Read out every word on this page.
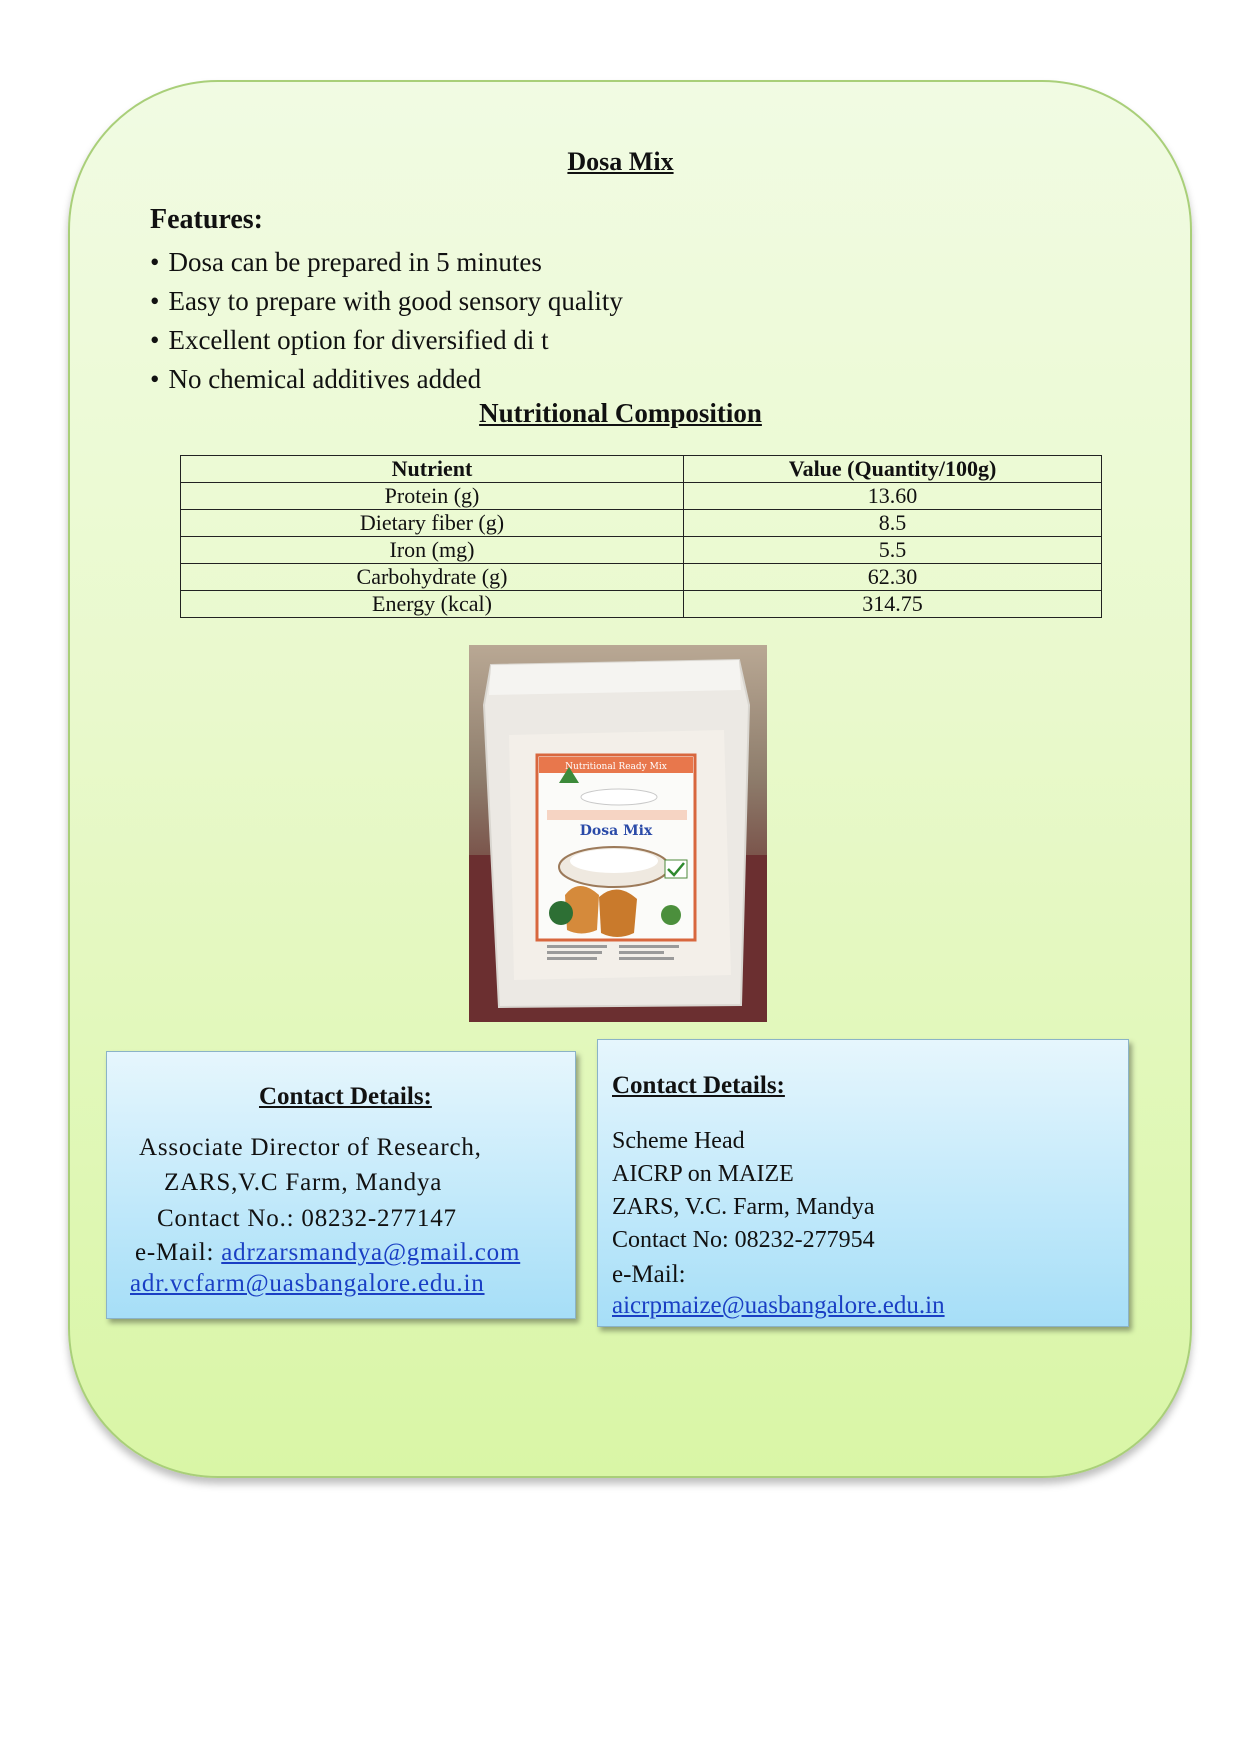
Dosa Mix
Features:
• Dosa can be prepared in 5 minutes
• Easy to prepare with good sensory quality
• Excellent option for diversified di t
• No chemical additives added
Nutritional Composition
Nutrient	Value (Quantity/100g)
Protein (g)	13.60
Dietary fiber (g)	8.5
Iron (mg)	5.5
Carbohydrate (g)	62.30
Energy (kcal)	314.75
Nutritional Ready Mix
Dosa Mix
Contact Details:
Associate Director of Research,
ZARS,V.C Farm, Mandya
Contact No.: 08232-277147
e-Mail: adrzarsmandya@gmail.com
adr.vcfarm@uasbangalore.edu.in
Contact Details:
Scheme Head
AICRP on MAIZE
ZARS, V.C. Farm, Mandya
Contact No: 08232-277954
e-Mail:
aicrpmaize@uasbangalore.edu.in
